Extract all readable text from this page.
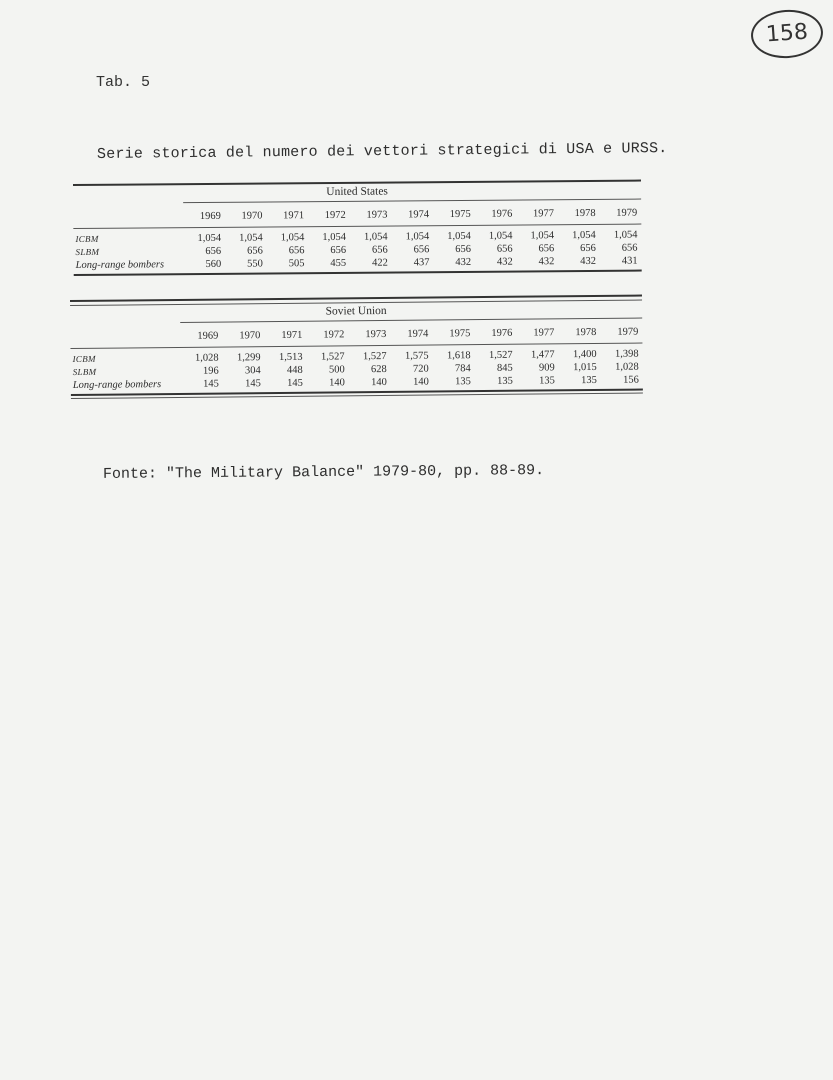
158
Tab. 5
Serie storica del numero dei vettori strategici di USA e URSS.
United States
1969	1970	1971	1972	1973	1974	1975	1976	1977	1978	1979
ICBM	1,054	1,054	1,054	1,054	1,054	1,054	1,054	1,054	1,054	1,054	1,054
SLBM	656	656	656	656	656	656	656	656	656	656	656
Long-range bombers	560	550	505	455	422	437	432	432	432	432	431
Soviet Union
1969	1970	1971	1972	1973	1974	1975	1976	1977	1978	1979
ICBM	1,028	1,299	1,513	1,527	1,527	1,575	1,618	1,527	1,477	1,400	1,398
SLBM	196	304	448	500	628	720	784	845	909	1,015	1,028
Long-range bombers	145	145	145	140	140	140	135	135	135	135	156
Fonte: "The Military Balance" 1979-80, pp. 88-89.
